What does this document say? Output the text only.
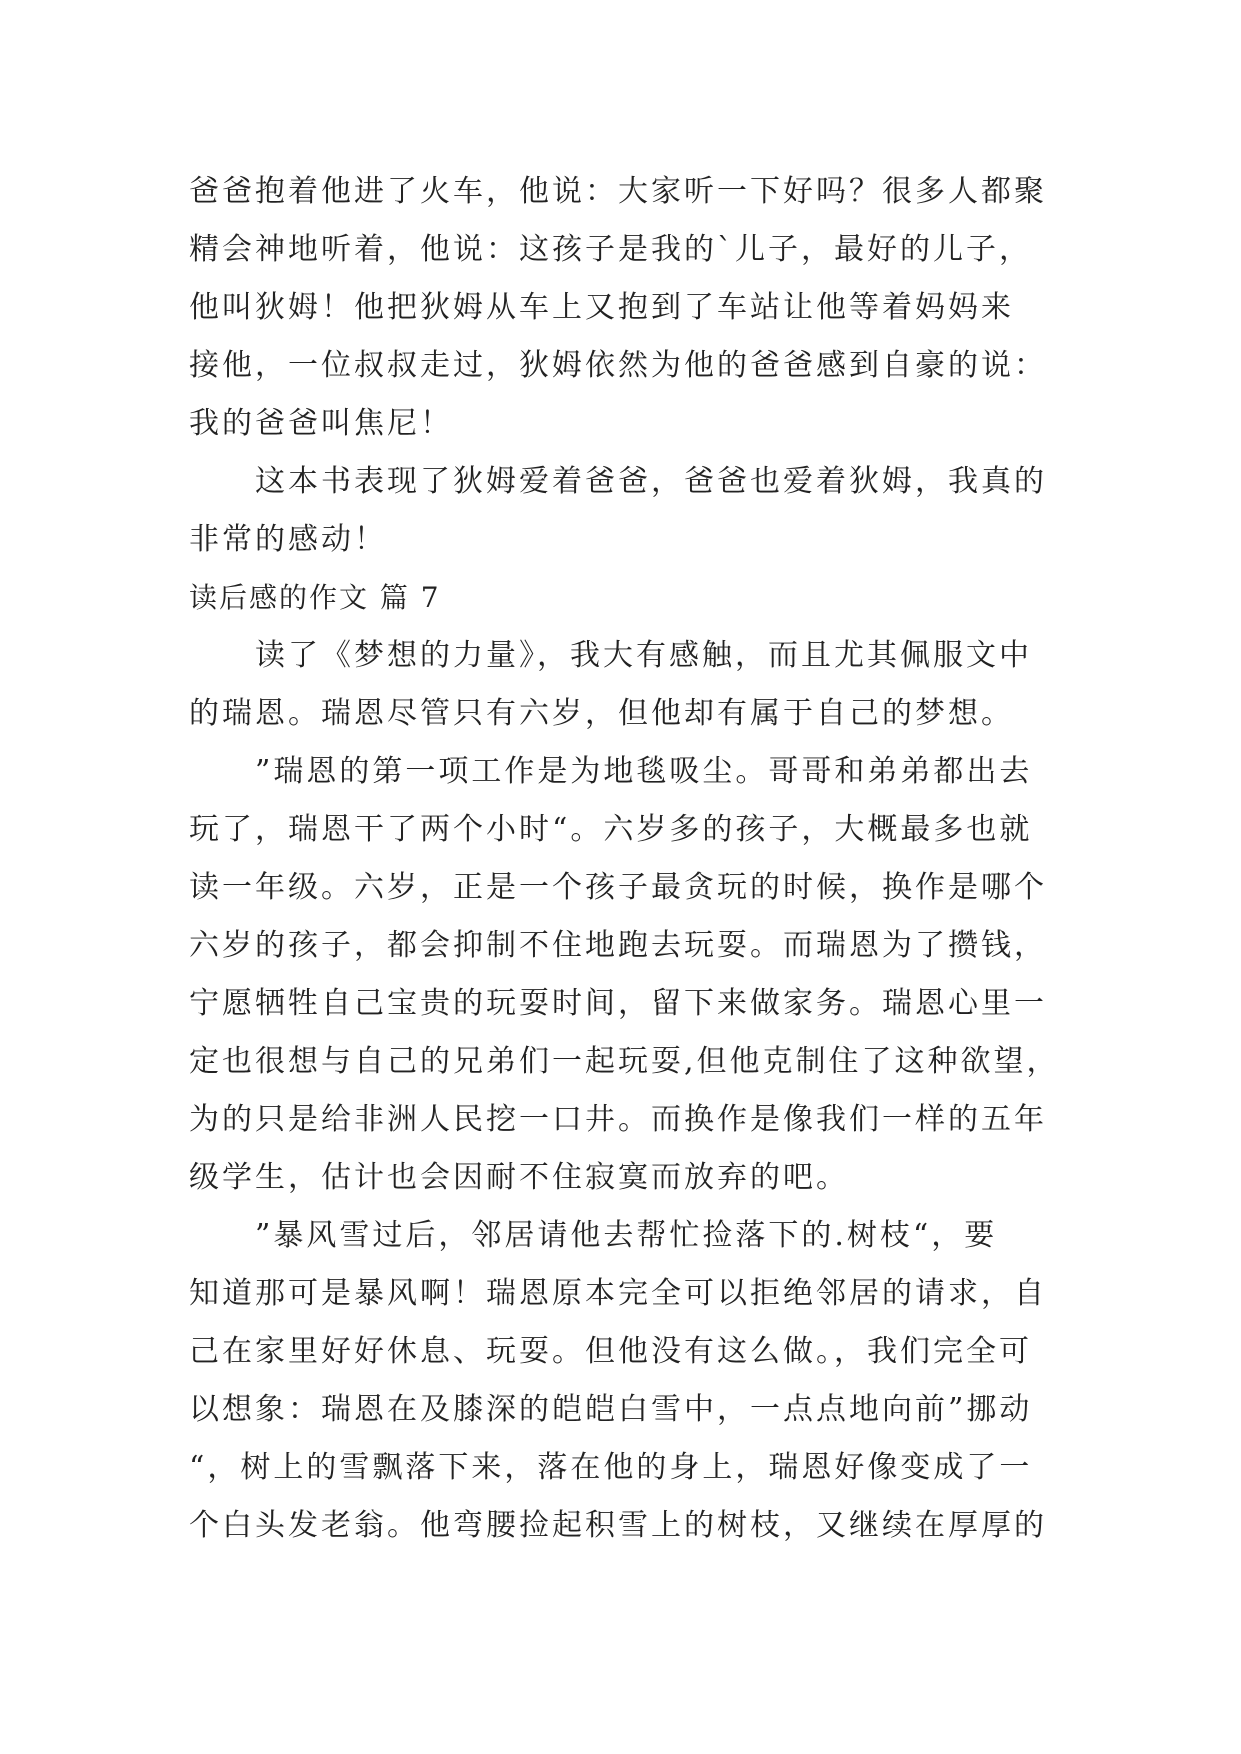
爸爸抱着他进了火车，他说：大家听一下好吗？很多人都聚
精会神地听着，他说：这孩子是我的`儿子，最好的儿子，
他叫狄姆！他把狄姆从车上又抱到了车站让他等着妈妈来
接他，一位叔叔走过，狄姆依然为他的爸爸感到自豪的说：
我的爸爸叫焦尼！
　　这本书表现了狄姆爱着爸爸，爸爸也爱着狄姆，我真的
非常的感动！
读后感的作文 篇 7
　　读了《梦想的力量》，我大有感触，而且尤其佩服文中
的瑞恩。瑞恩尽管只有六岁，但他却有属于自己的梦想。
　　”瑞恩的第一项工作是为地毯吸尘。哥哥和弟弟都出去
玩了，瑞恩干了两个小时“。六岁多的孩子，大概最多也就
读一年级。六岁，正是一个孩子最贪玩的时候，换作是哪个
六岁的孩子，都会抑制不住地跑去玩耍。而瑞恩为了攒钱，
宁愿牺牲自己宝贵的玩耍时间，留下来做家务。瑞恩心里一
定也很想与自己的兄弟们一起玩耍,但他克制住了这种欲望，
为的只是给非洲人民挖一口井。而换作是像我们一样的五年
级学生，估计也会因耐不住寂寞而放弃的吧。
　　”暴风雪过后，邻居请他去帮忙捡落下的.树枝“，要
知道那可是暴风啊！瑞恩原本完全可以拒绝邻居的请求，自
己在家里好好休息、玩耍。但他没有这么做。，我们完全可
以想象：瑞恩在及膝深的皑皑白雪中，一点点地向前”挪动
“，树上的雪飘落下来，落在他的身上，瑞恩好像变成了一
个白头发老翁。他弯腰捡起积雪上的树枝，又继续在厚厚的
